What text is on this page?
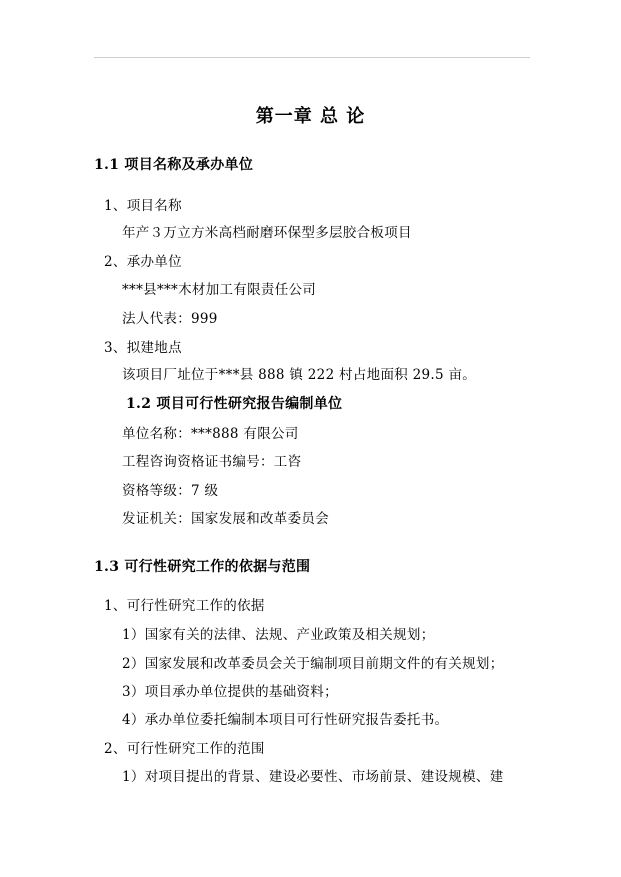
第一章 总 论
1.1 项目名称及承办单位
1、项目名称
年产３万立方米高档耐磨环保型多层胶合板项目
2、承办单位
***县***木材加工有限责任公司
法人代表：999
3、拟建地点
该项目厂址位于***县 888 镇 222 村占地面积 29.5 亩。
1.2 项目可行性研究报告编制单位
单位名称：***888 有限公司
工程咨询资格证书编号：工咨
资格等级：7 级
发证机关：国家发展和改革委员会
1.3 可行性研究工作的依据与范围
1、可行性研究工作的依据
1）国家有关的法律、法规、产业政策及相关规划；
2）国家发展和改革委员会关于编制项目前期文件的有关规划；
3）项目承办单位提供的基础资料；
4）承办单位委托编制本项目可行性研究报告委托书。
2、可行性研究工作的范围
1）对项目提出的背景、建设必要性、市场前景、建设规模、建
